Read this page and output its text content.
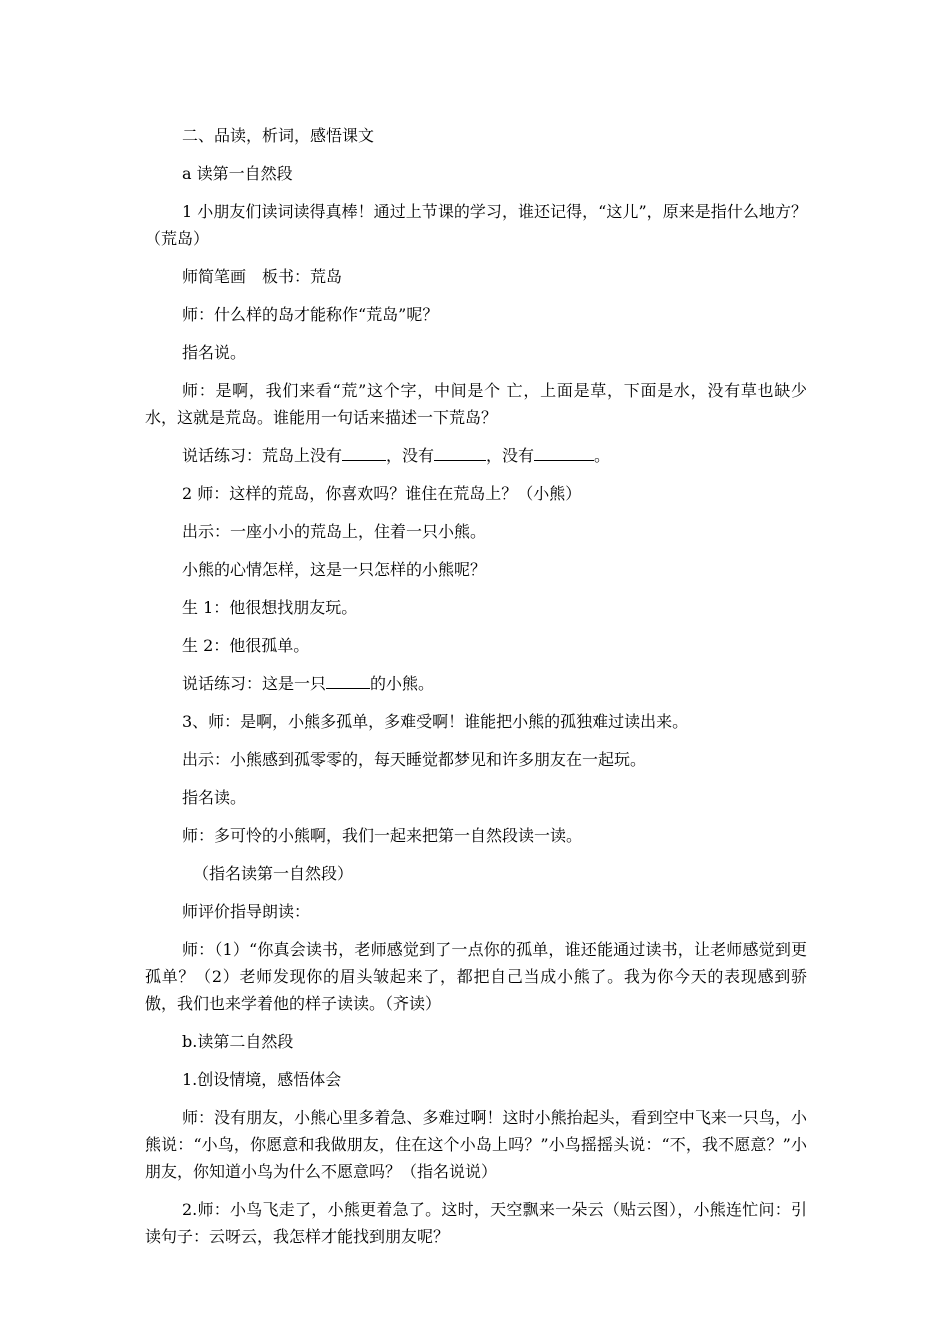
二、品读，析词，感悟课文

a 读第一自然段

1 小朋友们读词读得真棒！通过上节课的学习，谁还记得，“这儿”，原来是指什么地方？（荒岛）

师简笔画　板书：荒岛

师：什么样的岛才能称作“荒岛”呢？

指名说。

师：是啊，我们来看“荒”这个字，中间是个 亡，上面是草，下面是水，没有草也缺少水，这就是荒岛。谁能用一句话来描述一下荒岛？

说话练习：荒岛上没有	，没有	，没有	。

2 师：这样的荒岛，你喜欢吗？谁住在荒岛上？（小熊）

出示：一座小小的荒岛上，住着一只小熊。

小熊的心情怎样，这是一只怎样的小熊呢？

生 1：他很想找朋友玩。

生 2：他很孤单。

说话练习：这是一只	的小熊。

3、师：是啊，小熊多孤单，多难受啊！谁能把小熊的孤独难过读出来。

出示：小熊感到孤零零的，每天睡觉都梦见和许多朋友在一起玩。

指名读。

师：多可怜的小熊啊，我们一起来把第一自然段读一读。

（指名读第一自然段）

师评价指导朗读：

师：（1）“你真会读书，老师感觉到了一点你的孤单，谁还能通过读书，让老师感觉到更孤单？（2）老师发现你的眉头皱起来了，都把自己当成小熊了。我为你今天的表现感到骄傲，我们也来学着他的样子读读。（齐读）

b.读第二自然段

1.创设情境，感悟体会

师：没有朋友，小熊心里多着急、多难过啊！这时小熊抬起头，看到空中飞来一只鸟，小熊说：“小鸟，你愿意和我做朋友，住在这个小岛上吗？”小鸟摇摇头说：“不，我不愿意？”小朋友，你知道小鸟为什么不愿意吗？（指名说说）

2.师：小鸟飞走了，小熊更着急了。这时，天空飘来一朵云（贴云图），小熊连忙问：引读句子：云呀云，我怎样才能找到朋友呢？
